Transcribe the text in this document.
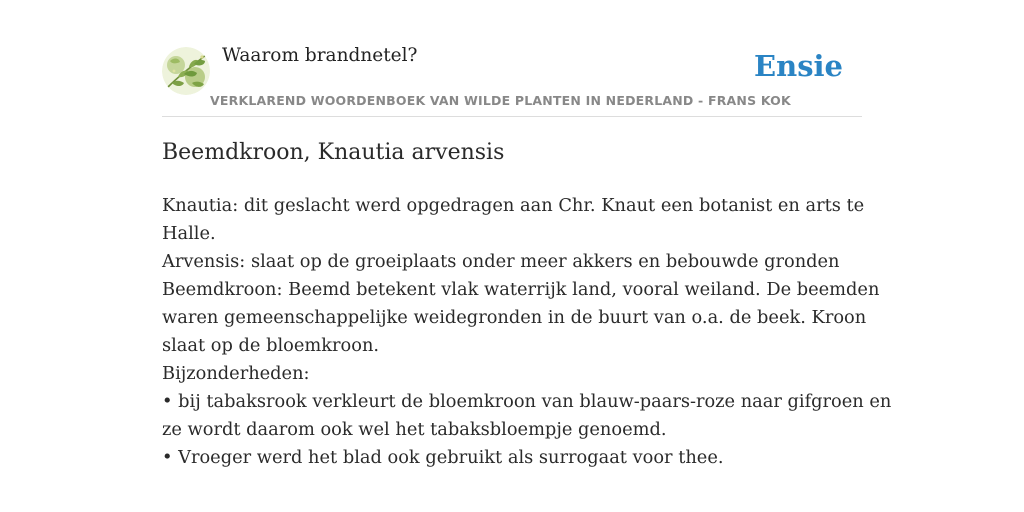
Waarom brandnetel?
VERKLAREND WOORDENBOEK VAN WILDE PLANTEN IN NEDERLAND - FRANS KOK
Ensie
Beemdkroon, Knautia arvensis
Knautia: dit geslacht werd opgedragen aan Chr. Knaut een botanist en arts te
Halle.
Arvensis: slaat op de groeiplaats onder meer akkers en bebouwde gronden
Beemdkroon: Beemd betekent vlak waterrijk land, vooral weiland. De beemden
waren gemeenschappelijke weidegronden in de buurt van o.a. de beek. Kroon
slaat op de bloemkroon.
Bijzonderheden:
• bij tabaksrook verkleurt de bloemkroon van blauw-paars-roze naar gifgroen en
ze wordt daarom ook wel het tabaksbloempje genoemd.
• Vroeger werd het blad ook gebruikt als surrogaat voor thee.
